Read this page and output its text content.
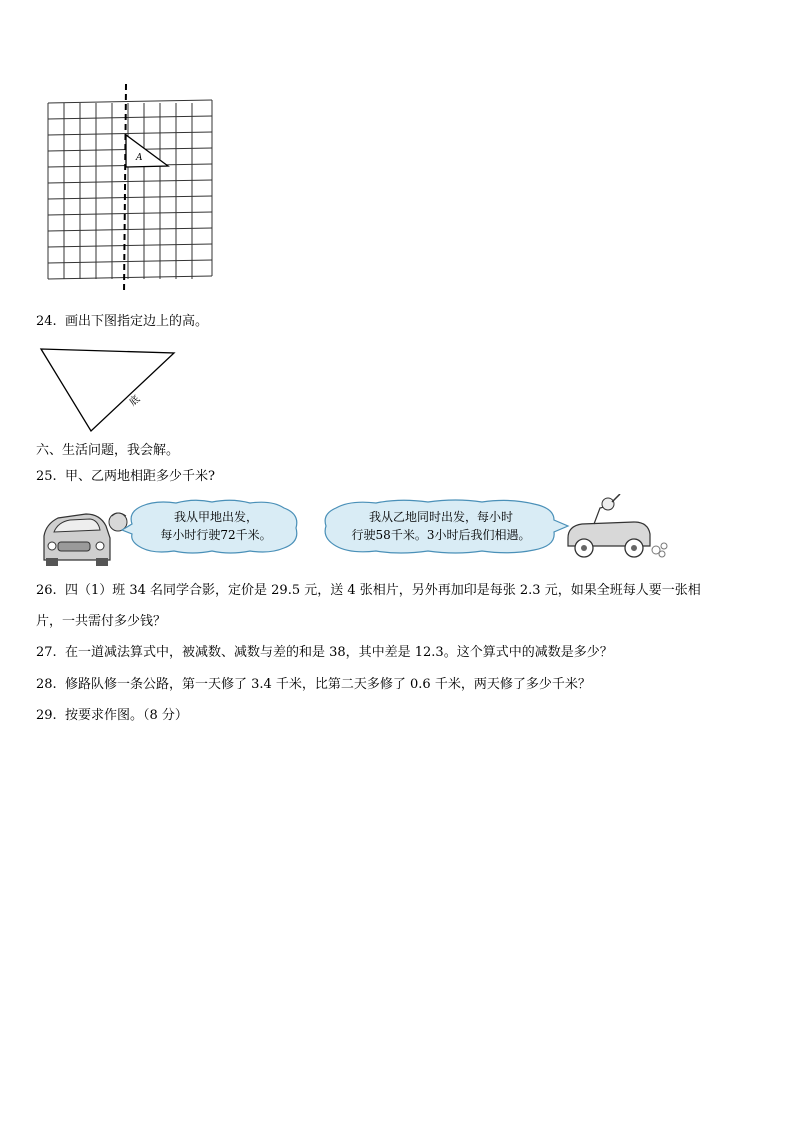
A
24. 画出下图指定边上的高。
底
六、生活问题，我会解。
25. 甲、乙两地相距多少千米?
我从甲地出发，
每小时行驶72千米。
我从乙地同时出发，每小时
行驶58千米。3小时后我们相遇。
26. 四（1）班 34 名同学合影，定价是 29.5 元，送 4 张相片，另外再加印是每张 2.3 元，如果全班每人要一张相
片，一共需付多少钱？
27. 在一道减法算式中，被减数、减数与差的和是 38，其中差是 12.3。这个算式中的减数是多少？
28. 修路队修一条公路，第一天修了 3.4 千米，比第二天多修了 0.6 千米，两天修了多少千米？
29. 按要求作图。（8 分）
